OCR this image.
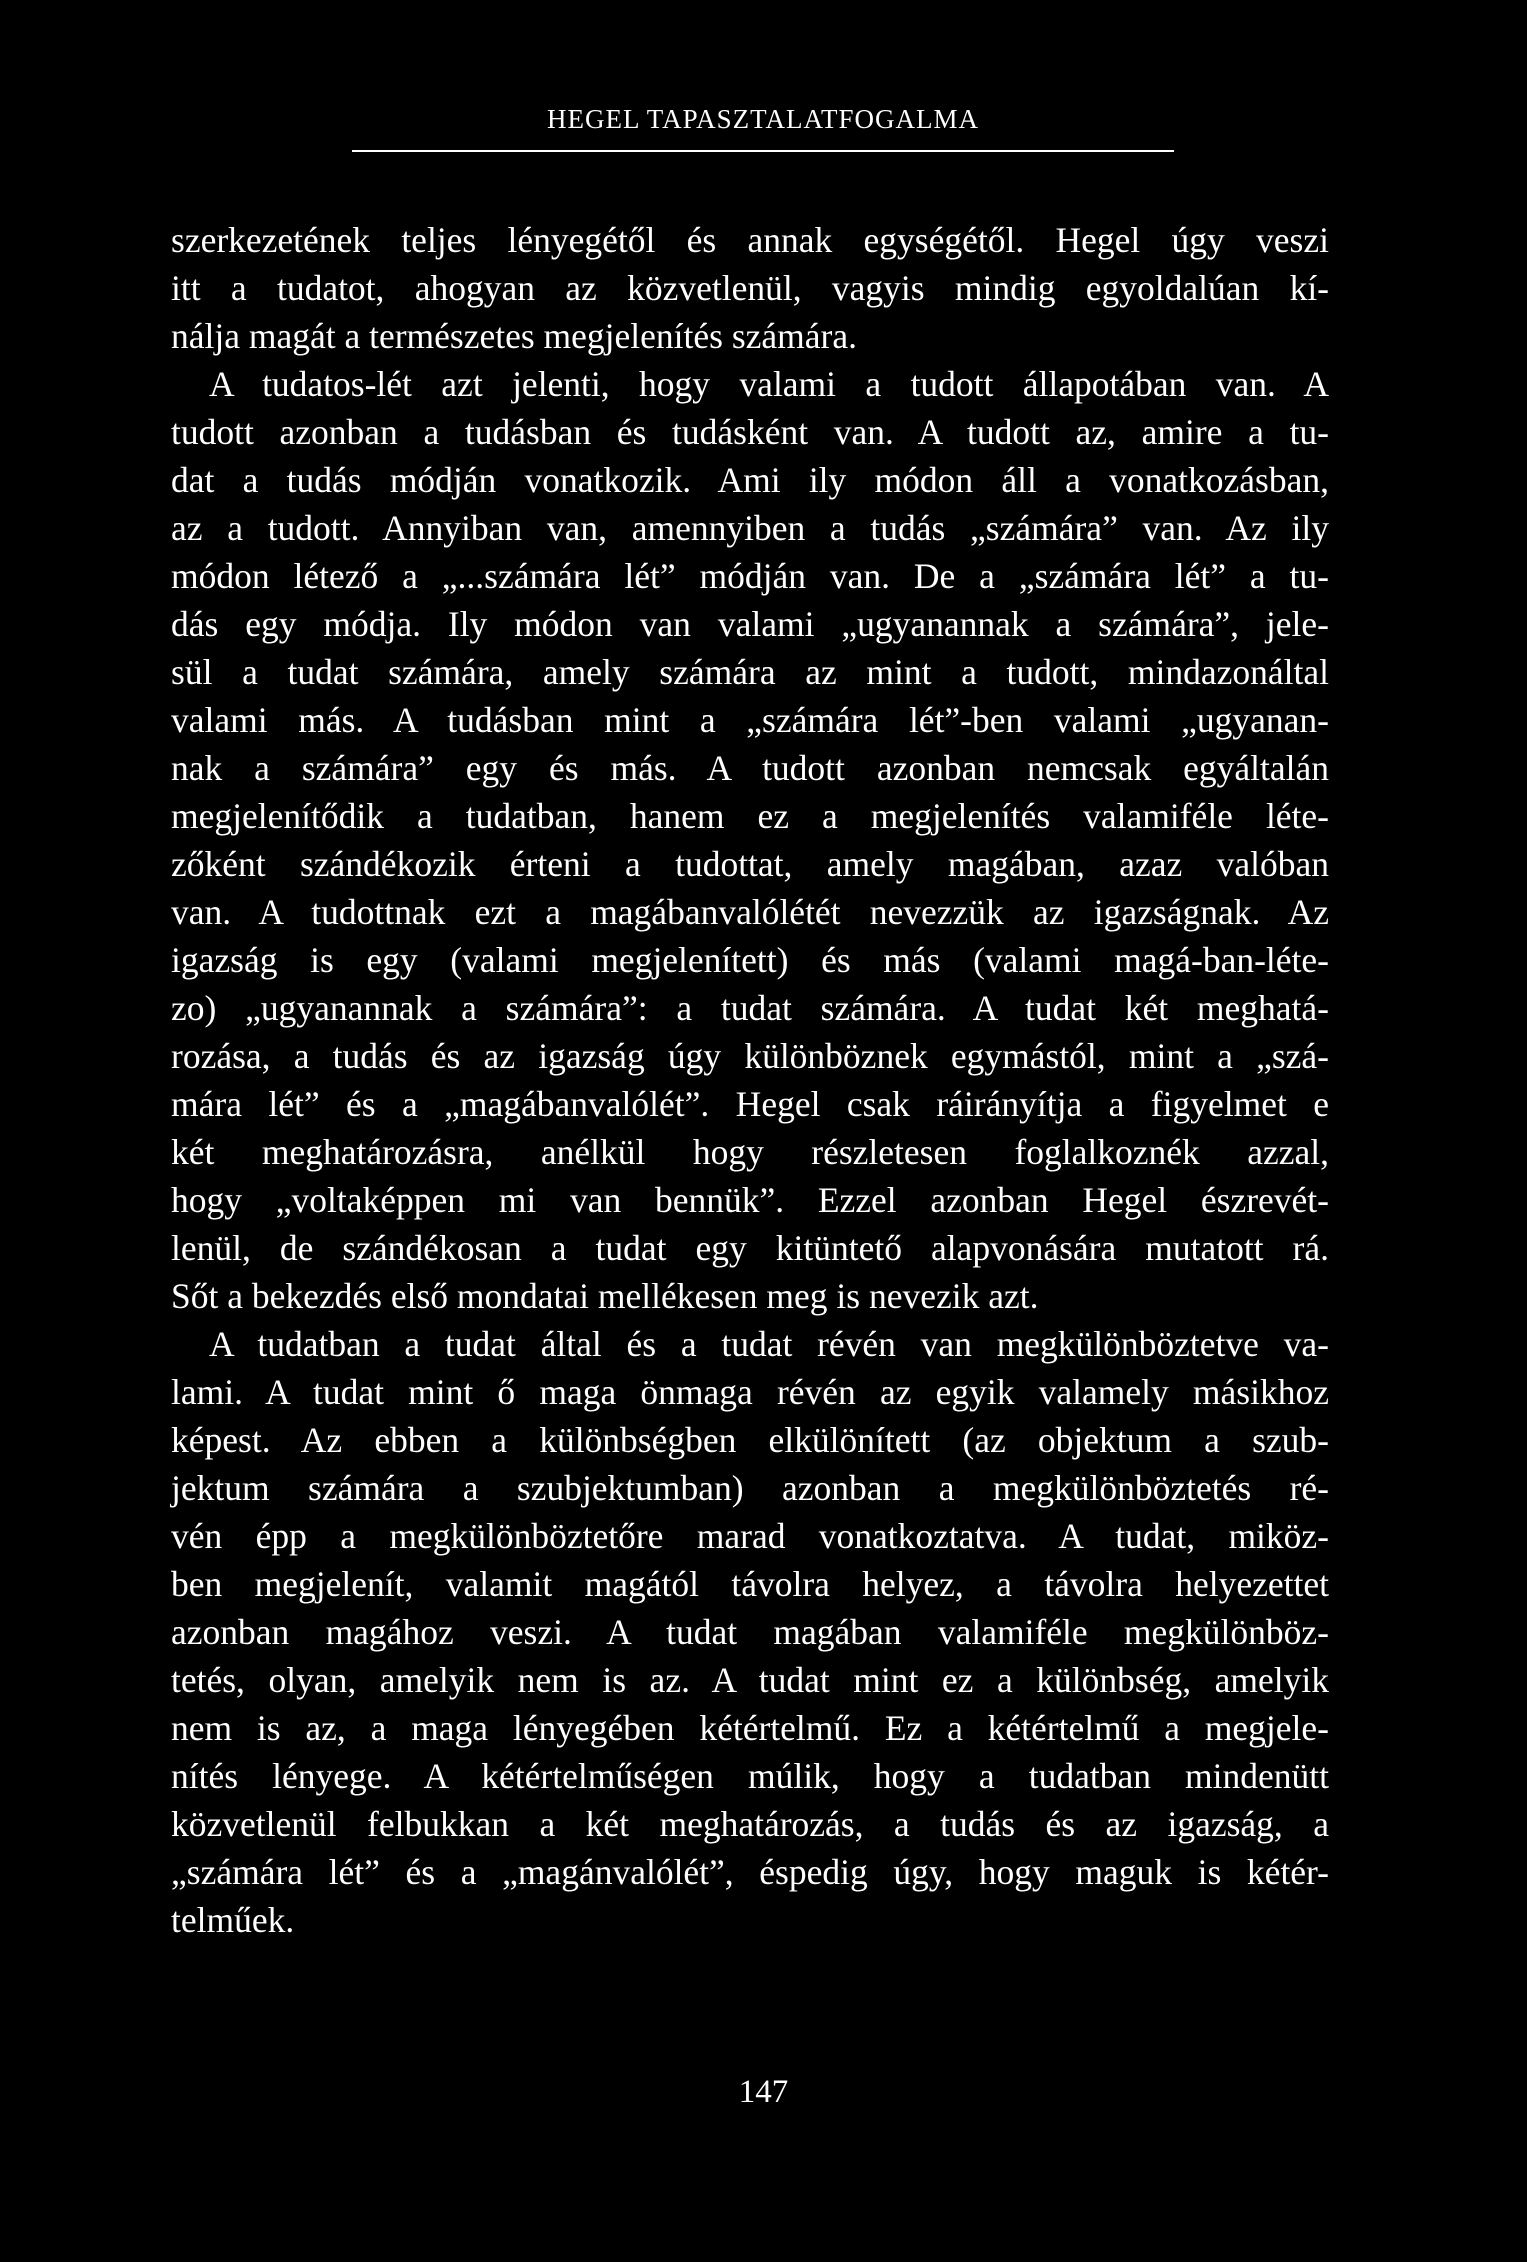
HEGEL TAPASZTALATFOGALMA
szerkezetének teljes lényegétől és annak egységétől. Hegel úgy veszi
itt a tudatot, ahogyan az közvetlenül, vagyis mindig egyoldalúan kí-
nálja magát a természetes megjelenítés számára.
A tudatos-lét azt jelenti, hogy valami a tudott állapotában van. A
tudott azonban a tudásban és tudásként van. A tudott az, amire a tu-
dat a tudás módján vonatkozik. Ami ily módon áll a vonatkozásban,
az a tudott. Annyiban van, amennyiben a tudás „számára” van. Az ily
módon létező a „...számára lét” módján van. De a „számára lét” a tu-
dás egy módja. Ily módon van valami „ugyanannak a számára”, jele-
sül a tudat számára, amely számára az mint a tudott, mindazonáltal
valami más. A tudásban mint a „számára lét”-ben valami „ugyanan-
nak a számára” egy és más. A tudott azonban nemcsak egyáltalán
megjelenítődik a tudatban, hanem ez a megjelenítés valamiféle léte-
zőként szándékozik érteni a tudottat, amely magában, azaz valóban
van. A tudottnak ezt a magábanvalólétét nevezzük az igazságnak. Az
igazság is egy (valami megjelenített) és más (valami magá-ban-léte-
zo) „ugyanannak a számára”: a tudat számára. A tudat két meghatá-
rozása, a tudás és az igazság úgy különböznek egymástól, mint a „szá-
mára lét” és a „magábanvalólét”. Hegel csak ráirányítja a figyelmet e
két meghatározásra, anélkül hogy részletesen foglalkoznék azzal,
hogy „voltaképpen mi van bennük”. Ezzel azonban Hegel észrevét-
lenül, de szándékosan a tudat egy kitüntető alapvonására mutatott rá.
Sőt a bekezdés első mondatai mellékesen meg is nevezik azt.
A tudatban a tudat által és a tudat révén van megkülönböztetve va-
lami. A tudat mint ő maga önmaga révén az egyik valamely másikhoz
képest. Az ebben a különbségben elkülönített (az objektum a szub-
jektum számára a szubjektumban) azonban a megkülönböztetés ré-
vén épp a megkülönböztetőre marad vonatkoztatva. A tudat, miköz-
ben megjelenít, valamit magától távolra helyez, a távolra helyezettet
azonban magához veszi. A tudat magában valamiféle megkülönböz-
tetés, olyan, amelyik nem is az. A tudat mint ez a különbség, amelyik
nem is az, a maga lényegében kétértelmű. Ez a kétértelmű a megjele-
nítés lényege. A kétértelműségen múlik, hogy a tudatban mindenütt
közvetlenül felbukkan a két meghatározás, a tudás és az igazság, a
„számára lét” és a „magánvalólét”, éspedig úgy, hogy maguk is kétér-
telműek.
147
